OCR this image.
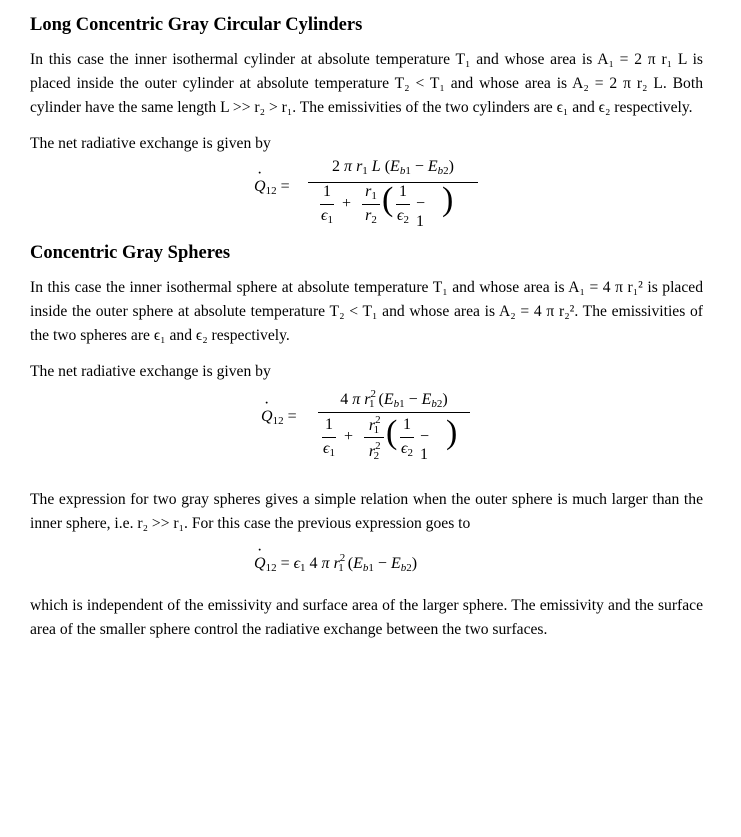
Long Concentric Gray Circular Cylinders

In this case the inner isothermal cylinder at absolute temperature T₁ and whose area is A₁ = 2 π r₁ L is placed inside the outer cylinder at absolute temperature T₂ < T₁ and whose area is A₂ = 2 π r₂ L. Both cylinder have the same length L >> r₂ > r₁. The emissivities of the two cylinders are ϵ₁ and ϵ₂ respectively.

The net radiative exchange is given by

· $Q_{12}$ =
2 π $r_1$ L $(E_{b1} - E_{b2})$
1
$\epsilon_1$
+
$r_1$
$r_2$
( 1
$\epsilon_2$
− 1
)
Concentric Gray Spheres

In this case the inner isothermal sphere at absolute temperature T₁ and whose area is A₁ = 4 π r₁² is placed inside the outer sphere at absolute temperature T₂ < T₁ and whose area is A₂ = 4 π r₂². The emissivities of the two spheres are ϵ₁ and ϵ₂ respectively.

The net radiative exchange is given by

· $Q_{12}$ =
4 π $r^2_1$ $(E_{b1} - E_{b2})$
1
$\epsilon_1$
+
$r^2_1$
$r^2_2$
( 1
$\epsilon_2$
− 1
)

The expression for two gray spheres gives a simple relation when the outer sphere is much larger than the inner sphere, i.e. r₂ >> r₁. For this case the previous expression goes to

· $Q_{12} = \epsilon_1$ 4 π $r^2_1$ $(E_{b1} - E_{b2})$

which is independent of the emissivity and surface area of the larger sphere. The emissivity and the surface area of the smaller sphere control the radiative exchange between the two surfaces.
